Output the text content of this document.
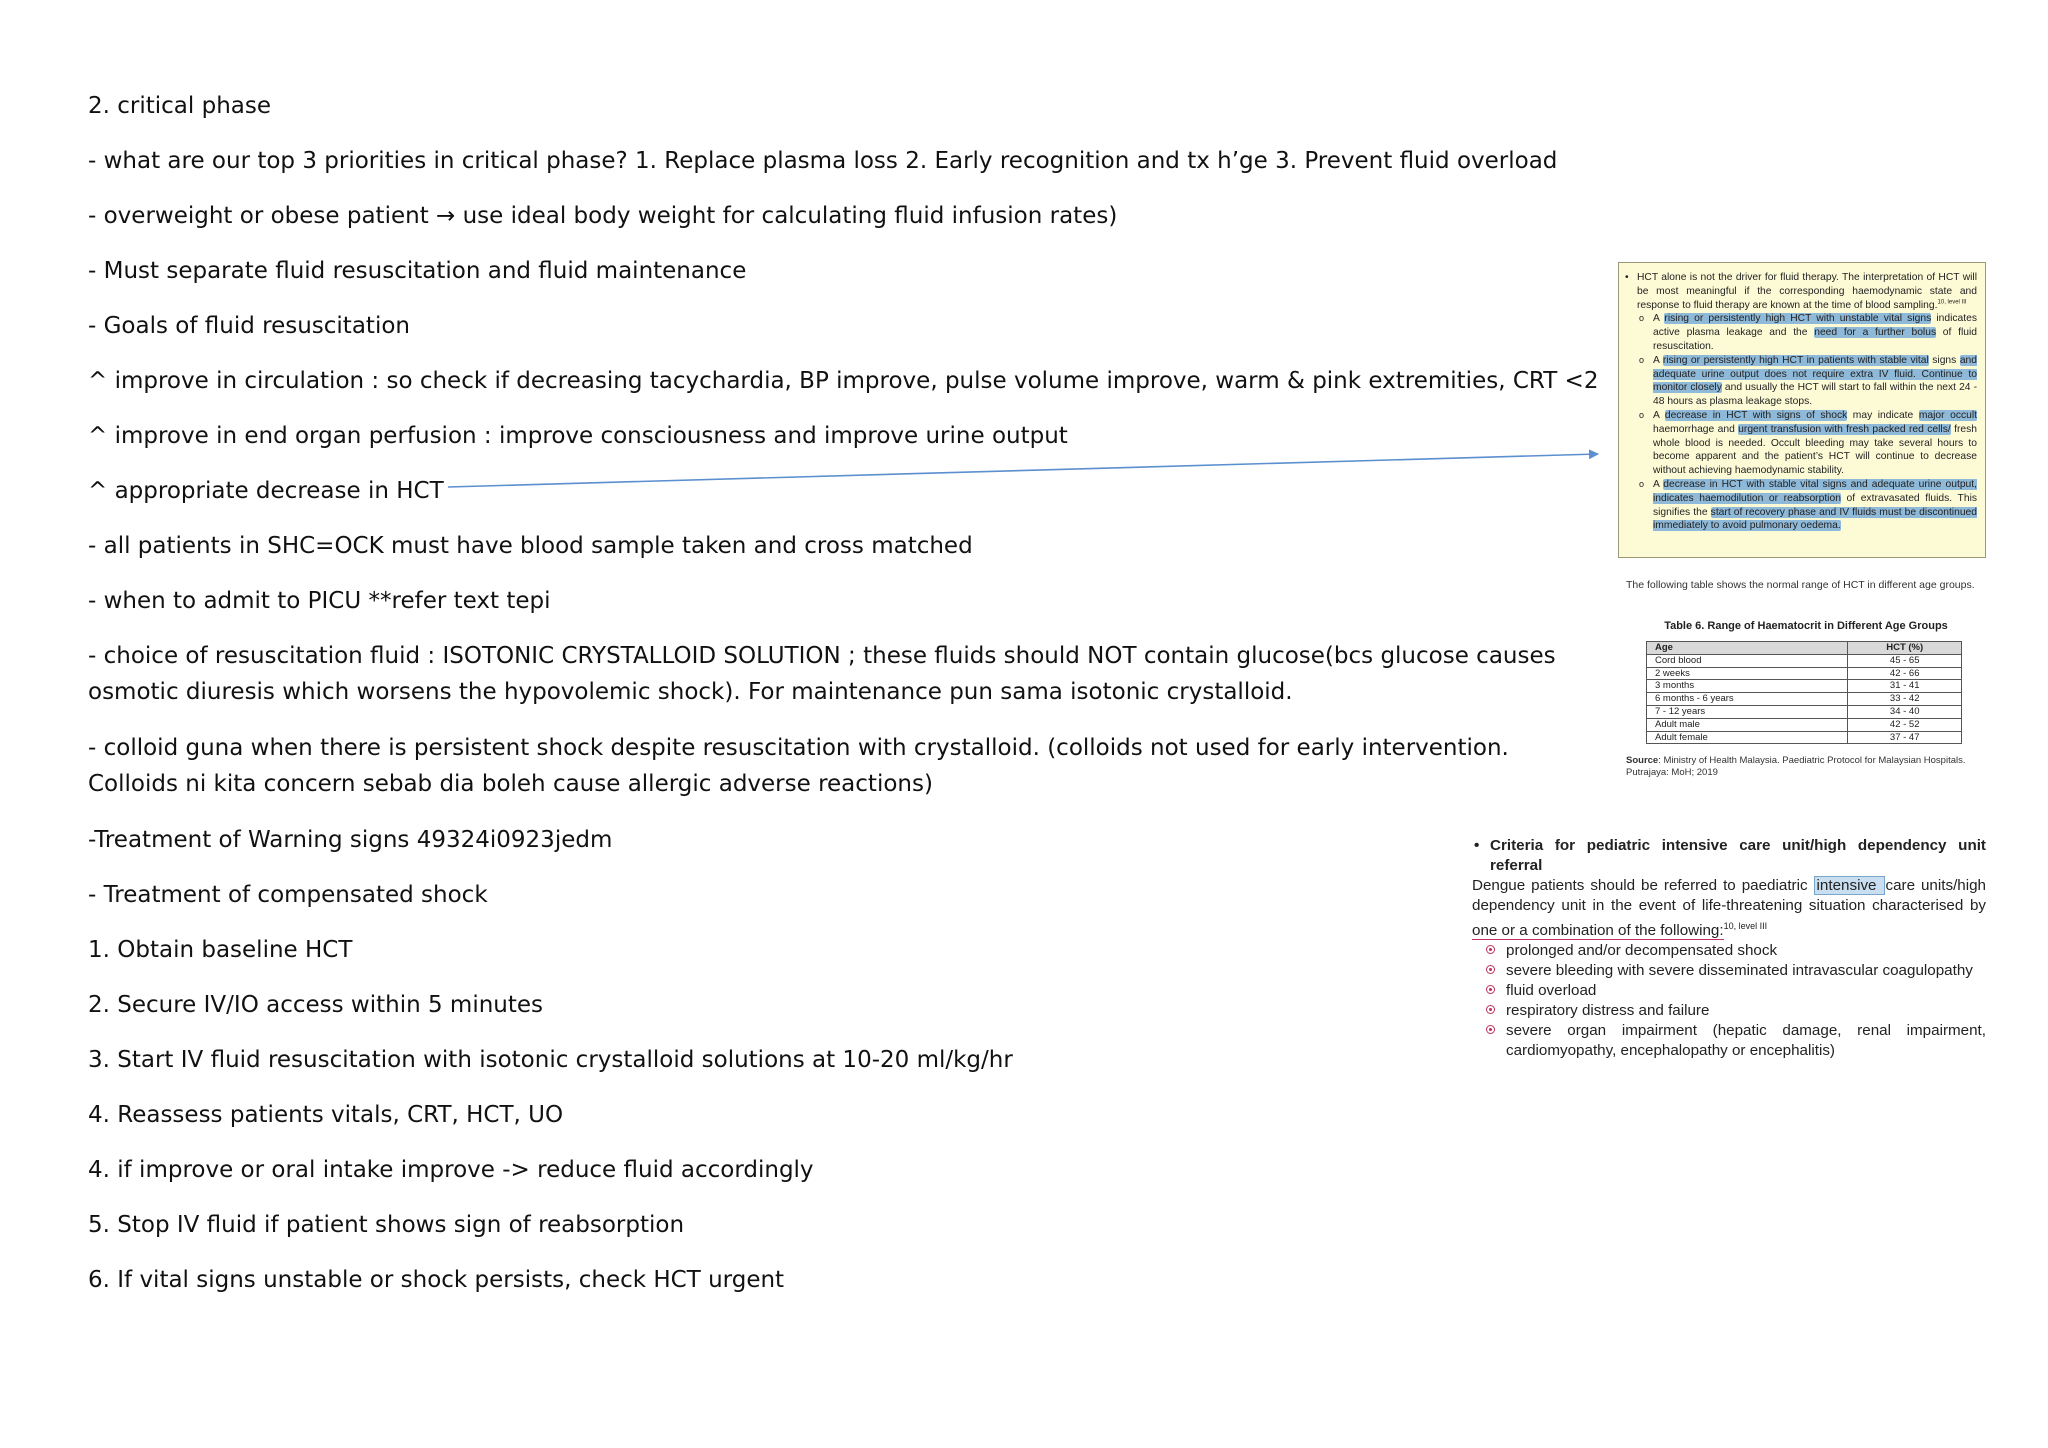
2. critical phase

- what are our top 3 priorities in critical phase? 1. Replace plasma loss 2. Early recognition and tx h’ge 3. Prevent fluid overload

- overweight or obese patient → use ideal body weight for calculating fluid infusion rates)

- Must separate fluid resuscitation and fluid maintenance

- Goals of fluid resuscitation

^ improve in circulation : so check if decreasing tacychardia, BP improve, pulse volume improve, warm & pink extremities, CRT <2

^ improve in end organ perfusion : improve consciousness and improve urine output

^ appropriate decrease in HCT

- all patients in SHC=OCK must have blood sample taken and cross matched

- when to admit to PICU **refer text tepi

- choice of resuscitation fluid : ISOTONIC CRYSTALLOID SOLUTION ; these fluids should NOT contain glucose(bcs glucose causes osmotic diuresis which worsens the hypovolemic shock). For maintenance pun sama isotonic crystalloid.

- colloid guna when there is persistent shock despite resuscitation with crystalloid. (colloids not used for early intervention. Colloids ni kita concern sebab dia boleh cause allergic adverse reactions)

-Treatment of Warning signs 49324i0923jedm

- Treatment of compensated shock

1. Obtain baseline HCT

2. Secure IV/IO access within 5 minutes

3. Start IV fluid resuscitation with isotonic crystalloid solutions at 10-20 ml/kg/hr

4. Reassess patients vitals, CRT, HCT, UO

4. if improve or oral intake improve -> reduce fluid accordingly

5. Stop IV fluid if patient shows sign of reabsorption

6. If vital signs unstable or shock persists, check HCT urgent

• HCT alone is not the driver for fluid therapy. The interpretation of HCT will be most meaningful if the corresponding haemodynamic state and response to fluid therapy are known at the time of blood sampling.$^{10, level III}$
o A rising or persistently high HCT with unstable vital signs indicates active plasma leakage and the need for a further bolus of fluid resuscitation.
o A rising or persistently high HCT in patients with stable vital signs and adequate urine output does not require extra IV fluid. Continue to monitor closely and usually the HCT will start to fall within the next 24 - 48 hours as plasma leakage stops.
o A decrease in HCT with signs of shock may indicate major occult haemorrhage and urgent transfusion with fresh packed red cells/ fresh whole blood is needed. Occult bleeding may take several hours to become apparent and the patient’s HCT will continue to decrease without achieving haemodynamic stability.
o A decrease in HCT with stable vital signs and adequate urine output, indicates haemodilution or reabsorption of extravasated fluids. This signifies the start of recovery phase and IV fluids must be discontinued immediately to avoid pulmonary oedema.
The following table shows the normal range of HCT in different age groups.
Table 6. Range of Haematocrit in Different Age Groups
Age	HCT (%)
Cord blood	45 - 65
2 weeks	42 - 66
3 months	31 - 41
6 months - 6 years	33 - 42
7 - 12 years	34 - 40
Adult male	42 - 52
Adult female	37 - 47
Source: Ministry of Health Malaysia. Paediatric Protocol for Malaysian Hospitals. Putrajaya: MoH; 2019
• Criteria for pediatric intensive care unit/high dependency unit referral
Dengue patients should be referred to paediatric intensive care units/high dependency unit in the event of life-threatening situation characterised by one or a combination of the following:$^{10, level III}$
prolonged and/or decompensated shock
severe bleeding with severe disseminated intravascular coagulopathy
fluid overload
respiratory distress and failure
severe organ impairment (hepatic damage, renal impairment, cardiomyopathy, encephalopathy or encephalitis)
